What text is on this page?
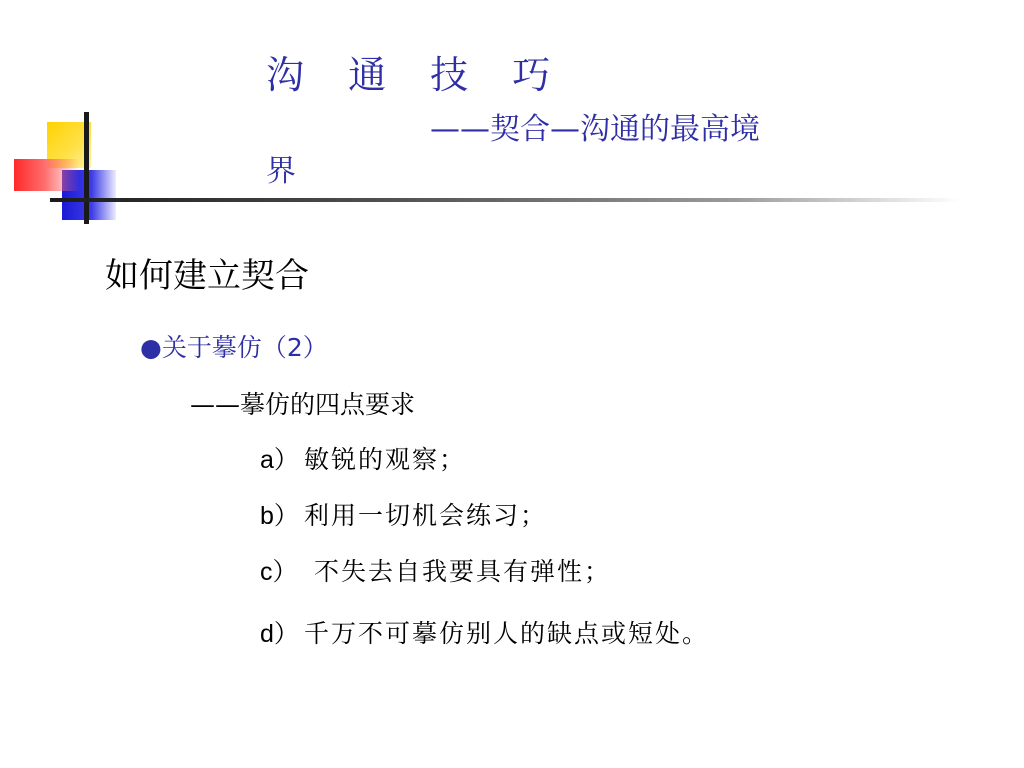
沟 通 技 巧
——契合—沟通的最高境
界
如何建立契合
●关于摹仿（2）
——摹仿的四点要求
a） 敏锐的观察；
b） 利用一切机会练习；
c） 不失去自我要具有弹性；
d） 千万不可摹仿别人的缺点或短处。
